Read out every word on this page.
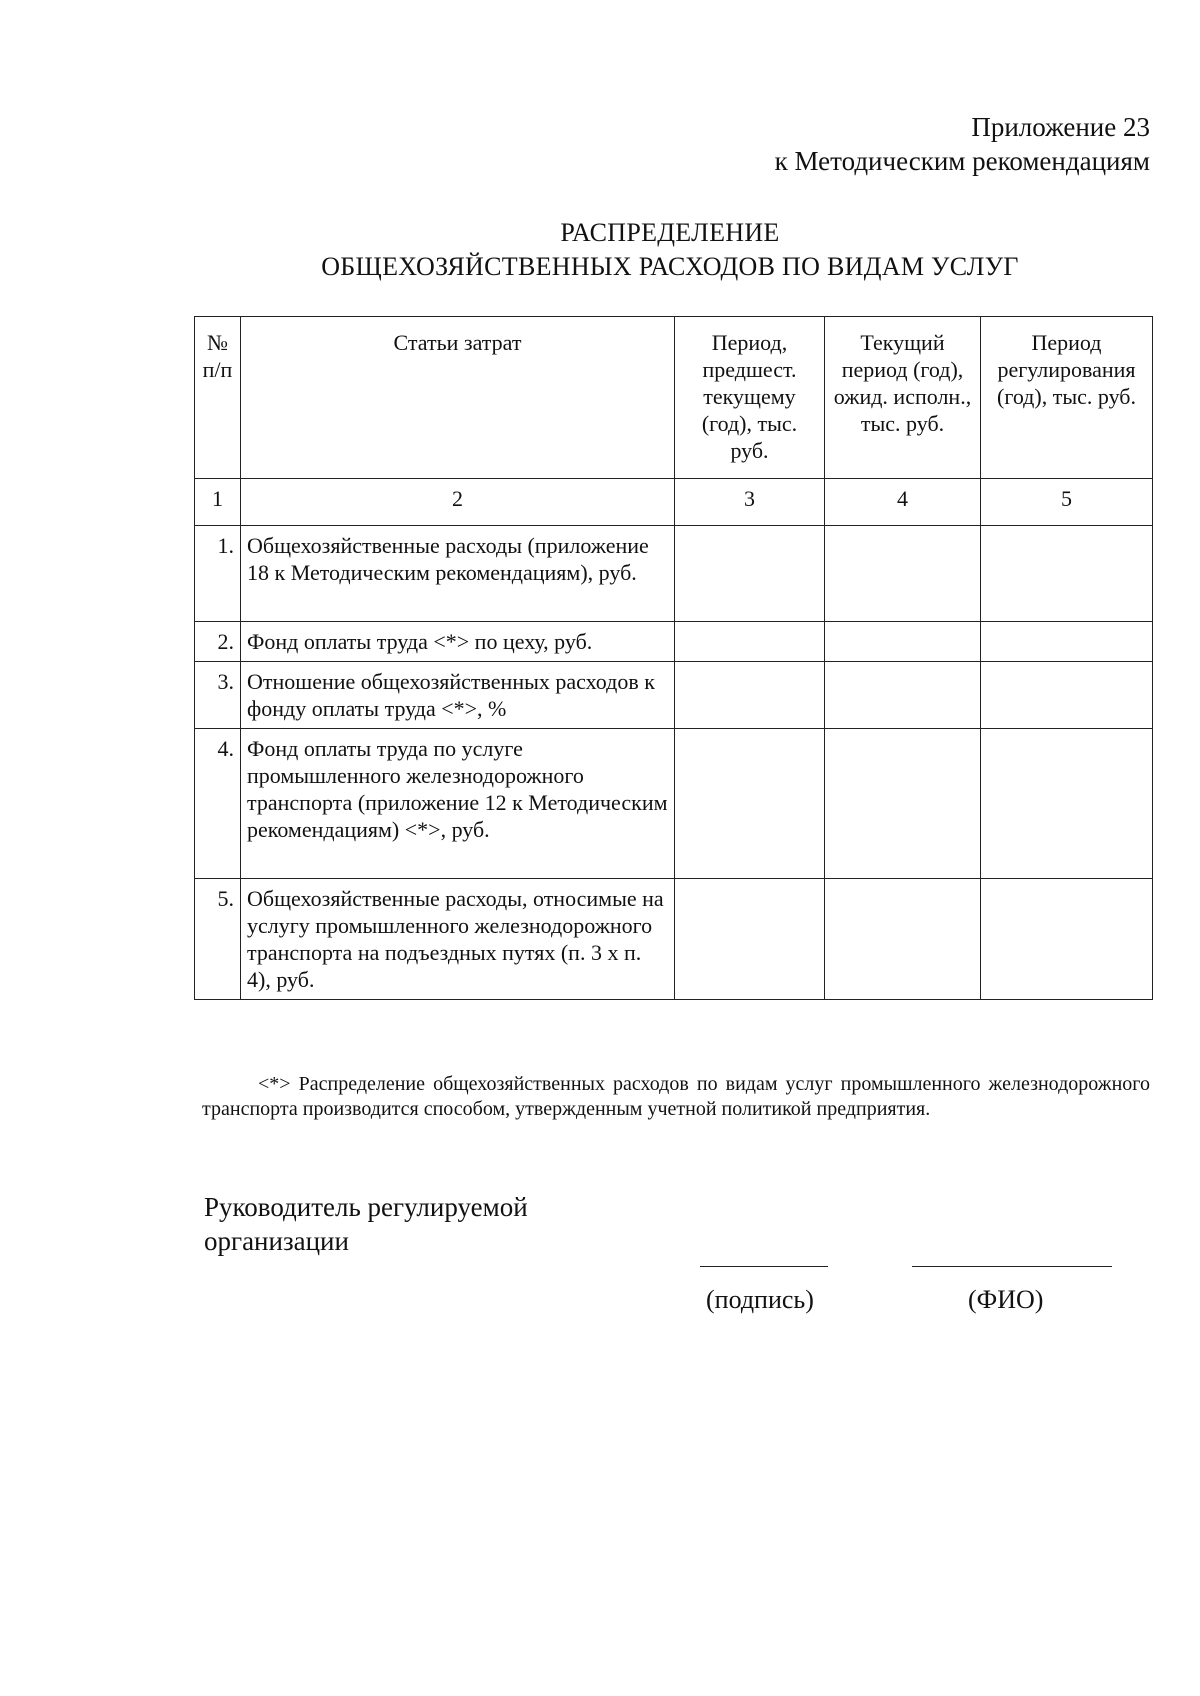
Приложение 23
к Методическим рекомендациям
РАСПРЕДЕЛЕНИЕ
ОБЩЕХОЗЯЙСТВЕННЫХ РАСХОДОВ ПО ВИДАМ УСЛУГ
№ п/п	Статьи затрат	Период, предшест. текущему (год), тыс. руб.	Текущий период (год), ожид. исполн., тыс. руб.	Период регулирования (год), тыс. руб.
1	2	3	4	5
1.	Общехозяйственные расходы (приложение 18 к Методическим рекомендациям), руб.			
2.	Фонд оплаты труда <*> по цеху, руб.			
3.	Отношение общехозяйственных расходов к фонду оплаты труда <*>, %			
4.	Фонд оплаты труда по услуге промышленного железнодорожного транспорта (приложение 12 к Методическим рекомендациям) <*>, руб.			
5.	Общехозяйственные расходы, относимые на услугу промышленного железнодорожного транспорта на подъездных путях (п. 3 х п. 4), руб.			
<*> Распределение общехозяйственных расходов по видам услуг промышленного железнодорожного транспорта производится способом, утвержденным учетной политикой предприятия.
Руководитель регулируемой
организации
(подпись)	(ФИО)
